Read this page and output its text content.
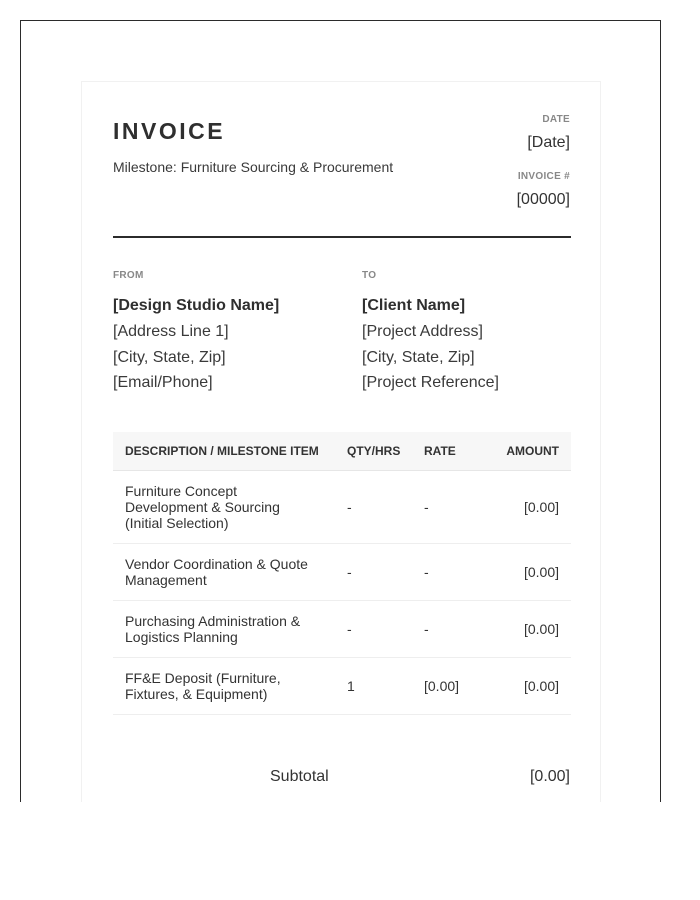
INVOICE
Milestone: Furniture Sourcing & Procurement
DATE
[Date]
INVOICE #
[00000]
FROM
[Design Studio Name]
[Address Line 1]
[City, State, Zip]
[Email/Phone]
TO
[Client Name]
[Project Address]
[City, State, Zip]
[Project Reference]
DESCRIPTION / MILESTONE ITEM	QTY/HRS	RATE	AMOUNT
Furniture Concept Development & Sourcing (Initial Selection)	-	-	[0.00]
Vendor Coordination & Quote Management	-	-	[0.00]
Purchasing Administration & Logistics Planning	-	-	[0.00]
FF&E Deposit (Furniture, Fixtures, & Equipment)	1	[0.00]	[0.00]
Subtotal	[0.00]
